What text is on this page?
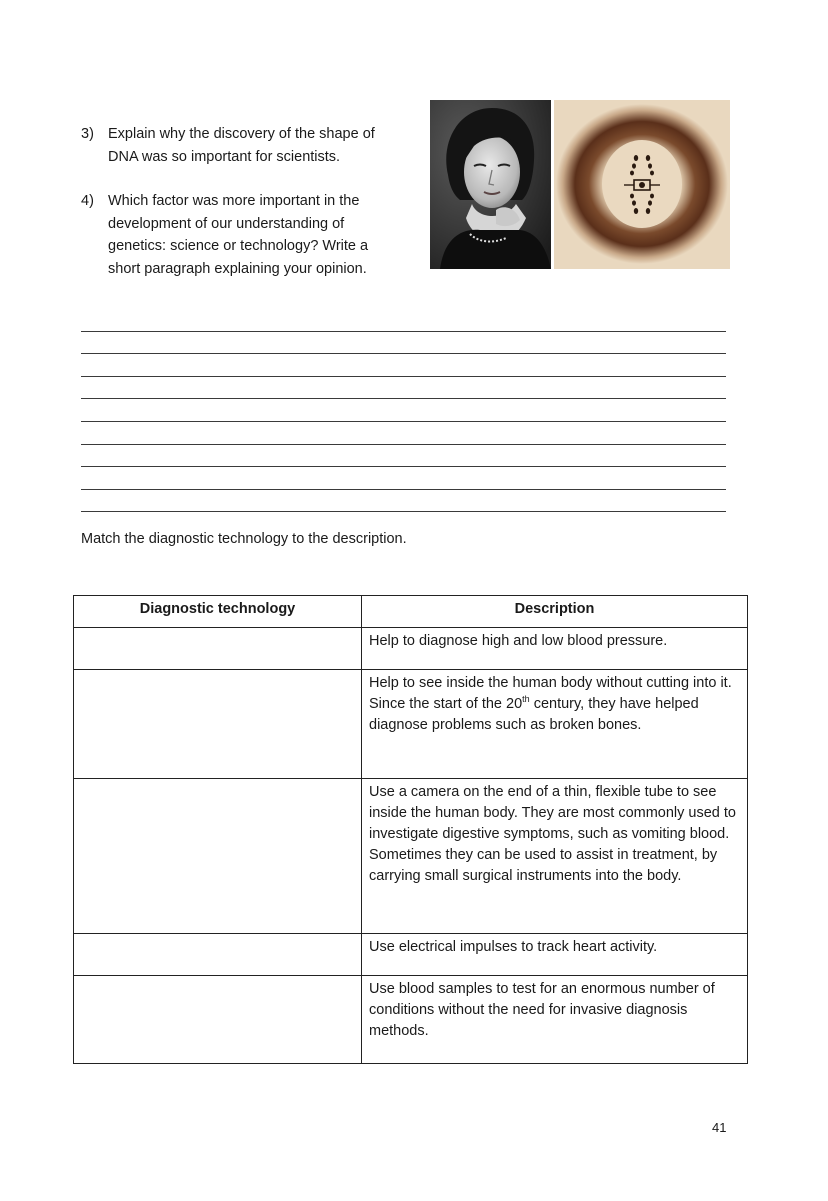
3) Explain why the discovery of the shape of DNA was so important for scientists.
4) Which factor was more important in the development of our understanding of genetics: science or technology? Write a short paragraph explaining your opinion.
Match the diagnostic technology to the description.
Diagnostic technology	Description
	Help to diagnose high and low blood pressure.
	Help to see inside the human body without cutting into it. Since the start of the 20th century, they have helped diagnose problems such as broken bones.
	Use a camera on the end of a thin, flexible tube to see inside the human body. They are most commonly used to investigate digestive symptoms, such as vomiting blood. Sometimes they can be used to assist in treatment, by carrying small surgical instruments into the body.
	Use electrical impulses to track heart activity.
	Use blood samples to test for an enormous number of conditions without the need for invasive diagnosis methods.
41
